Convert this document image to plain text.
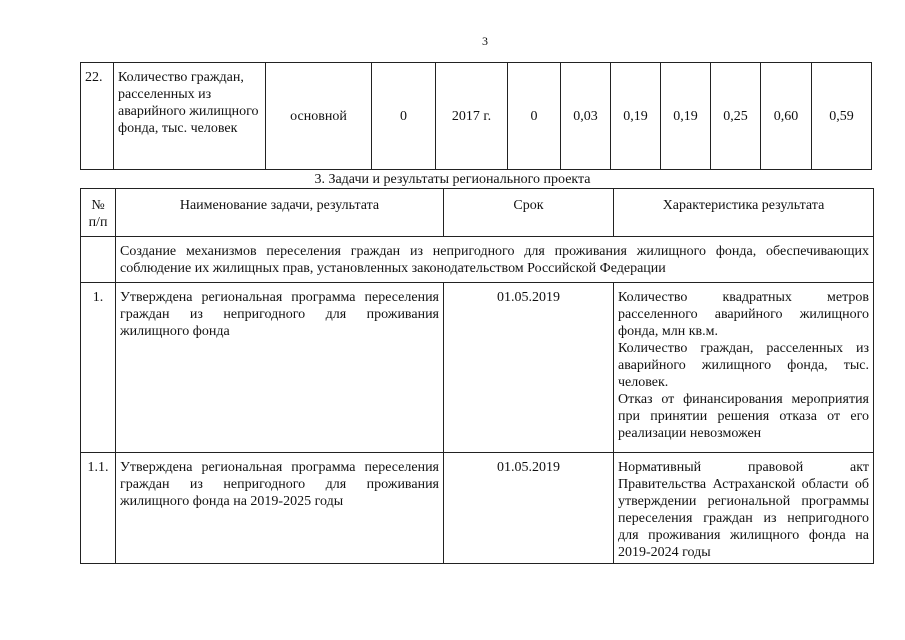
3
22.	Количество граждан, расселенных из аварийного жилищного фонда, тыс. человек	основной	0	2017 г.	0	0,03	0,19	0,19	0,25	0,60	0,59
3. Задачи и результаты регионального проекта
№ п/п	Наименование задачи, результата	Срок	Характеристика результата
	Создание механизмов переселения граждан из непригодного для проживания жилищного фонда, обеспечивающих соблюдение их жилищных прав, установленных законодательством Российской Федерации		
1.	Утверждена региональная программа переселения граждан из непригодного для проживания жилищного фонда	01.05.2019	Количество квадратных метров расселенного аварийного жилищного фонда, млн кв.м.
Количество граждан, расселенных из аварийного жилищного фонда, тыс. человек.
Отказ от финансирования мероприятия при принятии решения отказа от его реализации невозможен

1.1.	Утверждена региональная программа переселения граждан из непригодного для проживания жилищного фонда на 2019-2025 годы	01.05.2019	Нормативный правовой акт Правительства Астраханской области об утверждении региональной программы переселения граждан из непригодного для проживания жилищного фонда на 2019-2024 годы
